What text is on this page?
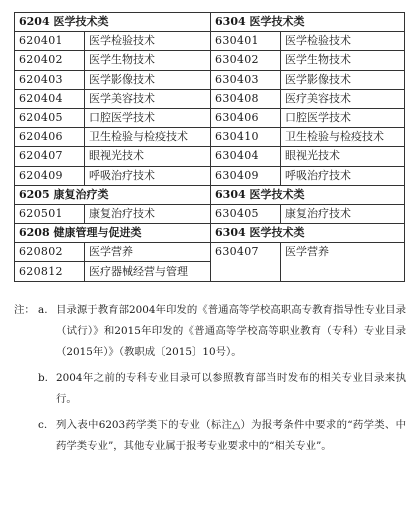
6204 医学技术类		6304 医学技术类	
620401	医学检验技术	630401	医学检验技术
620402	医学生物技术	630402	医学生物技术
620403	医学影像技术	630403	医学影像技术
620404	医学美容技术	630408	医疗美容技术
620405	口腔医学技术	630406	口腔医学技术
620406	卫生检验与检疫技术	630410	卫生检验与检疫技术
620407	眼视光技术	630404	眼视光技术
620409	呼吸治疗技术	630409	呼吸治疗技术
6205 康复治疗类		6304 医学技术类	
620501	康复治疗技术	630405	康复治疗技术
6208 健康管理与促进类		6304 医学技术类	
620802	医学营养	630407	医学营养
620812	医疗器械经营与管理		
注： a. 目录源于教育部2004年印发的《普通高等学校高职高专教育指导性专业目录（试行）》和2015年印发的《普通高等学校高等职业教育（专科）专业目录（2015年）》（教职成〔2015〕10号）。
b. 2004年之前的专科专业目录可以参照教育部当时发布的相关专业目录来执行。
c. 列入表中6203药学类下的专业（标注△）为报考条件中要求的“药学类、中药学类专业”，其他专业属于报考专业要求中的“相关专业”。
